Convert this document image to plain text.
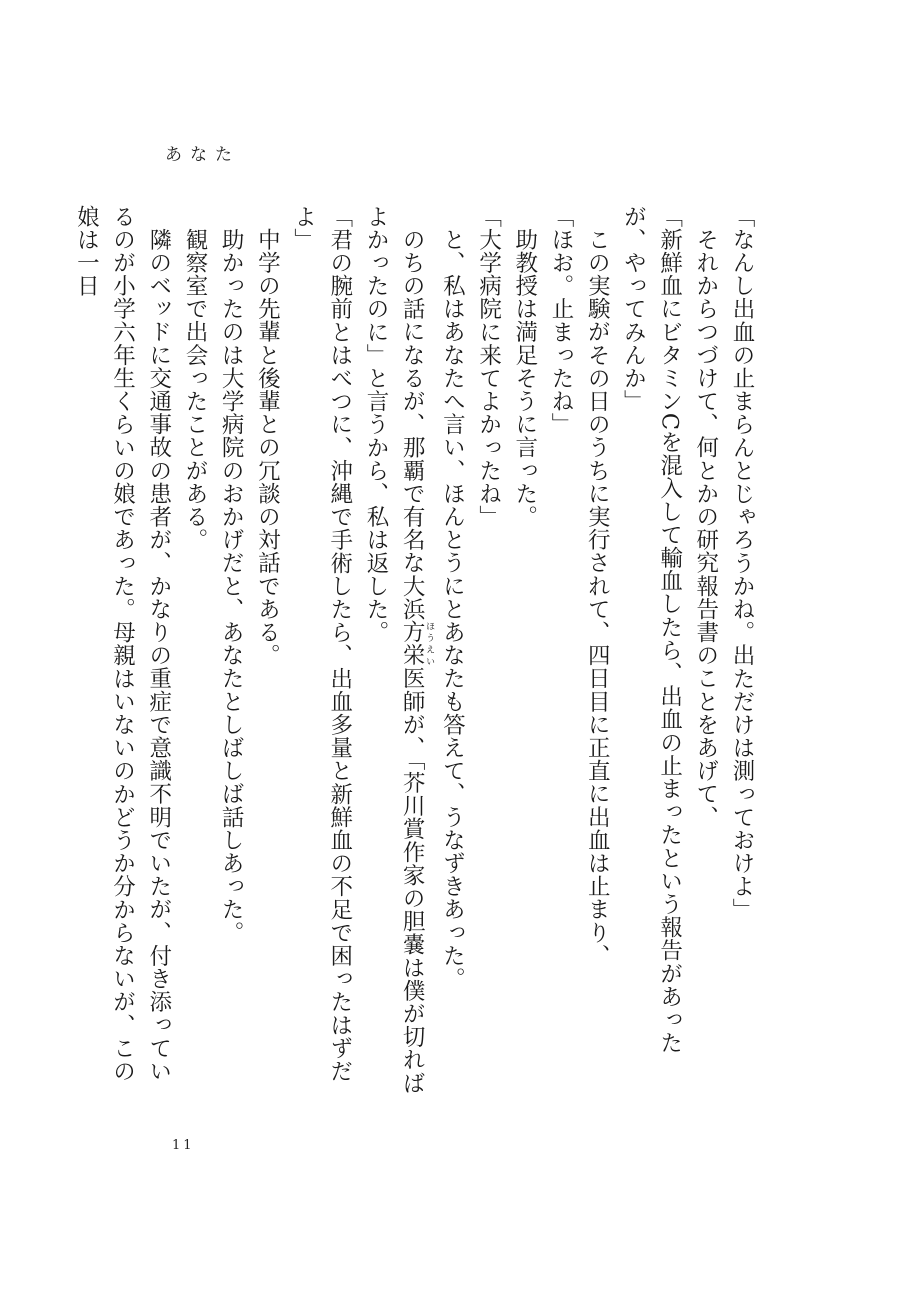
あなた

「なんし出血の止まらんとじゃろうかね。出ただけは測っておけよ」

それからつづけて、何とかの研究報告書のことをあげて、

「新鮮血にビタミンCを混入して輸血したら、出血の止まったという報告があったが、やってみんか」

この実験がその日のうちに実行されて、四日目に正直に出血は止まり、

「ほお。止まったね」

助教授は満足そうに言った。

「大学病院に来てよかったね」

と、私はあなたへ言い、ほんとうにとあなたも答えて、うなずきあった。

のちの話になるが、那覇で有名な大浜方栄 ほうえい医師が、「芥川賞作家の胆嚢は僕が切ればよかったのに」と言うから、私は返した。

「君の腕前とはべつに、沖縄で手術したら、出血多量と新鮮血の不足で困ったはずだよ」

中学の先輩と後輩との冗談の対話である。

助かったのは大学病院のおかげだと、あなたとしばしば話しあった。

観察室で出会ったことがある。

隣のベッドに交通事故の患者が、かなりの重症で意識不明でいたが、付き添っているのが小学六年生くらいの娘であった。母親はいないのかどうか分からないが、この娘は一日

11
